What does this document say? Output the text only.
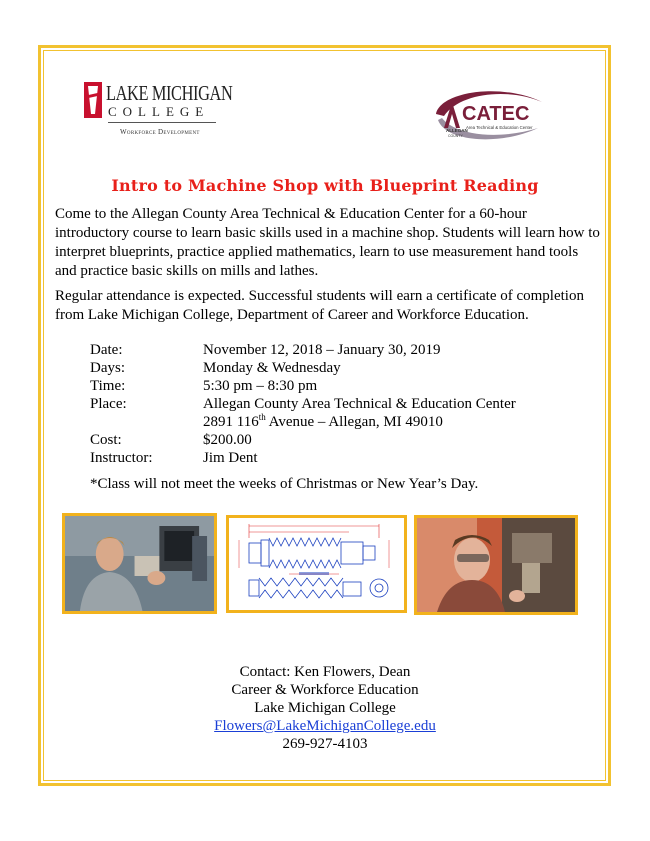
LAKE MICHIGAN
COLLEGE
Workforce Development
CATEC
ALLEGAN
COUNTY
Area Technical & Education Center
Intro to Machine Shop with Blueprint Reading

Come to the Allegan County Area Technical & Education Center for a 60-hour introductory course to learn basic skills used in a machine shop. Students will learn how to interpret blueprints, practice applied mathematics, learn to use measurement hand tools and practice basic skills on mills and lathes.

Regular attendance is expected. Successful students will earn a certificate of completion from Lake Michigan College, Department of Career and Workforce Education.

Date:	November 12, 2018 – January 30, 2019
Days:	Monday & Wednesday
Time:	5:30 pm – 8:30 pm
Place:	Allegan County Area Technical & Education Center
2891 116th Avenue – Allegan, MI 49010
Cost:	$200.00
Instructor:	Jim Dent
*Class will not meet the weeks of Christmas or New Year’s Day.
Contact: Ken Flowers, Dean
Career & Workforce Education
Lake Michigan College
Flowers@LakeMichiganCollege.edu
269-927-4103
